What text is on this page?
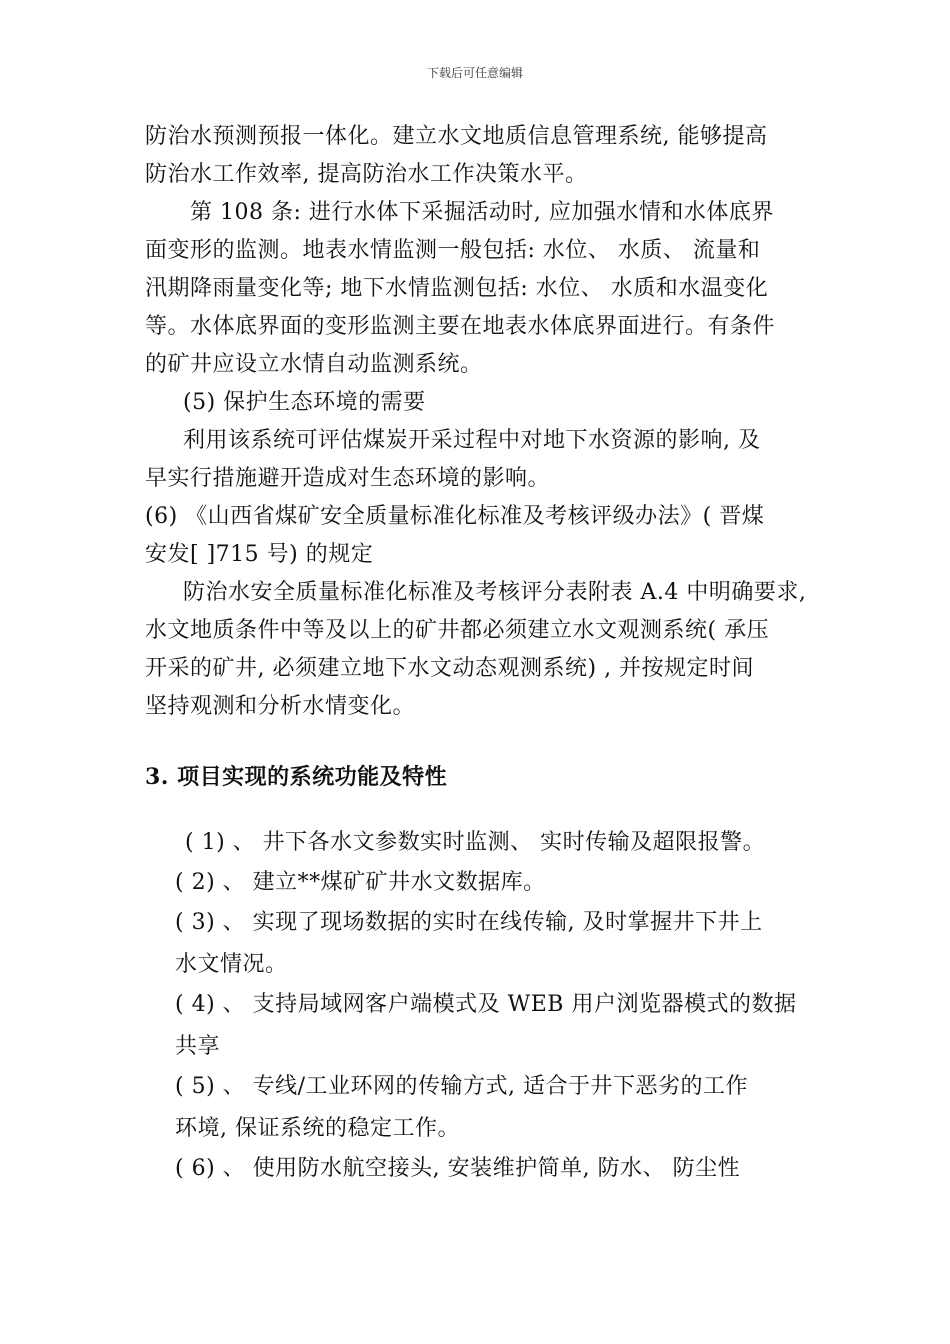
下载后可任意编辑
防治水预测预报一体化。建立水文地质信息管理系统, 能够提高
防治水工作效率, 提高防治水工作决策水平。
第 108 条: 进行水体下采掘活动时, 应加强水情和水体底界
面变形的监测。地表水情监测一般包括: 水位、 水质、 流量和
汛期降雨量变化等; 地下水情监测包括: 水位、 水质和水温变化
等。水体底界面的变形监测主要在地表水体底界面进行。有条件
的矿井应设立水情自动监测系统。
(5) 保护生态环境的需要
利用该系统可评估煤炭开采过程中对地下水资源的影响, 及
早实行措施避开造成对生态环境的影响。
(6) 《山西省煤矿安全质量标准化标准及考核评级办法》( 晋煤
安发[ ]715 号) 的规定
防治水安全质量标准化标准及考核评分表附表 A.4 中明确要求,
水文地质条件中等及以上的矿井都必须建立水文观测系统( 承压
开采的矿井, 必须建立地下水文动态观测系统) , 并按规定时间
坚持观测和分析水情变化。
3. 项目实现的系统功能及特性
( 1) 、 井下各水文参数实时监测、 实时传输及超限报警。
( 2) 、 建立**煤矿矿井水文数据库。
( 3) 、 实现了现场数据的实时在线传输, 及时掌握井下井上
水文情况。
( 4) 、 支持局域网客户端模式及 WEB 用户浏览器模式的数据
共享
( 5) 、 专线/工业环网的传输方式, 适合于井下恶劣的工作
环境, 保证系统的稳定工作。
( 6) 、 使用防水航空接头, 安装维护简单, 防水、 防尘性
